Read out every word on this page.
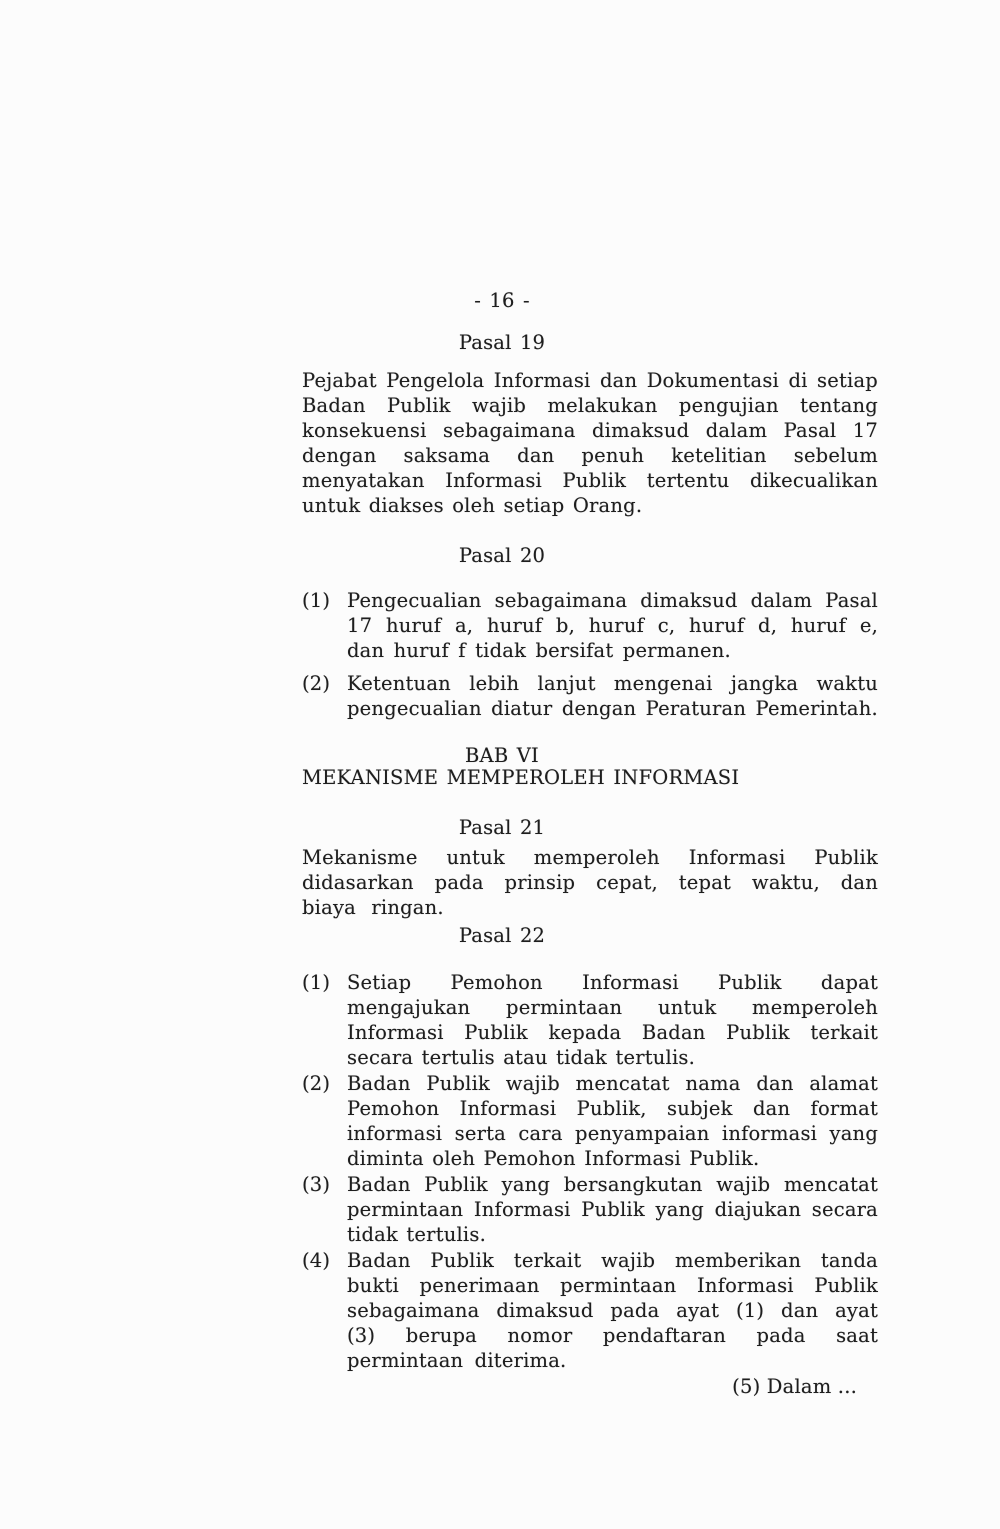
- 16 -
Pasal 19

Pejabat Pengelola Informasi dan Dokumentasi di setiap Badan Publik wajib melakukan pengujian tentang konsekuensi sebagaimana dimaksud dalam Pasal 17 dengan saksama dan penuh ketelitian sebelum menyatakan Informasi Publik tertentu dikecualikan untuk diakses oleh setiap Orang.

Pasal 20
(1) Pengecualian sebagaimana dimaksud dalam Pasal 17 huruf a, huruf b, huruf c, huruf d, huruf e, dan huruf f tidak bersifat permanen.
(2) Ketentuan lebih lanjut mengenai jangka waktu pengecualian diatur dengan Peraturan Pemerintah.
BAB VI
MEKANISME MEMPEROLEH INFORMASI
Pasal 21

Mekanisme untuk memperoleh Informasi Publik didasarkan pada prinsip cepat, tepat waktu, dan biaya ringan.

Pasal 22
(1) Setiap Pemohon Informasi Publik dapat mengajukan permintaan untuk memperoleh Informasi Publik kepada Badan Publik terkait secara tertulis atau tidak tertulis.
(2) Badan Publik wajib mencatat nama dan alamat Pemohon Informasi Publik, subjek dan format informasi serta cara penyampaian informasi yang diminta oleh Pemohon Informasi Publik.
(3) Badan Publik yang bersangkutan wajib mencatat permintaan Informasi Publik yang diajukan secara tidak tertulis.
(4) Badan Publik terkait wajib memberikan tanda bukti penerimaan permintaan Informasi Publik sebagaimana dimaksud pada ayat (1) dan ayat (3) berupa nomor pendaftaran pada saat permintaan diterima.
(5) Dalam ...
